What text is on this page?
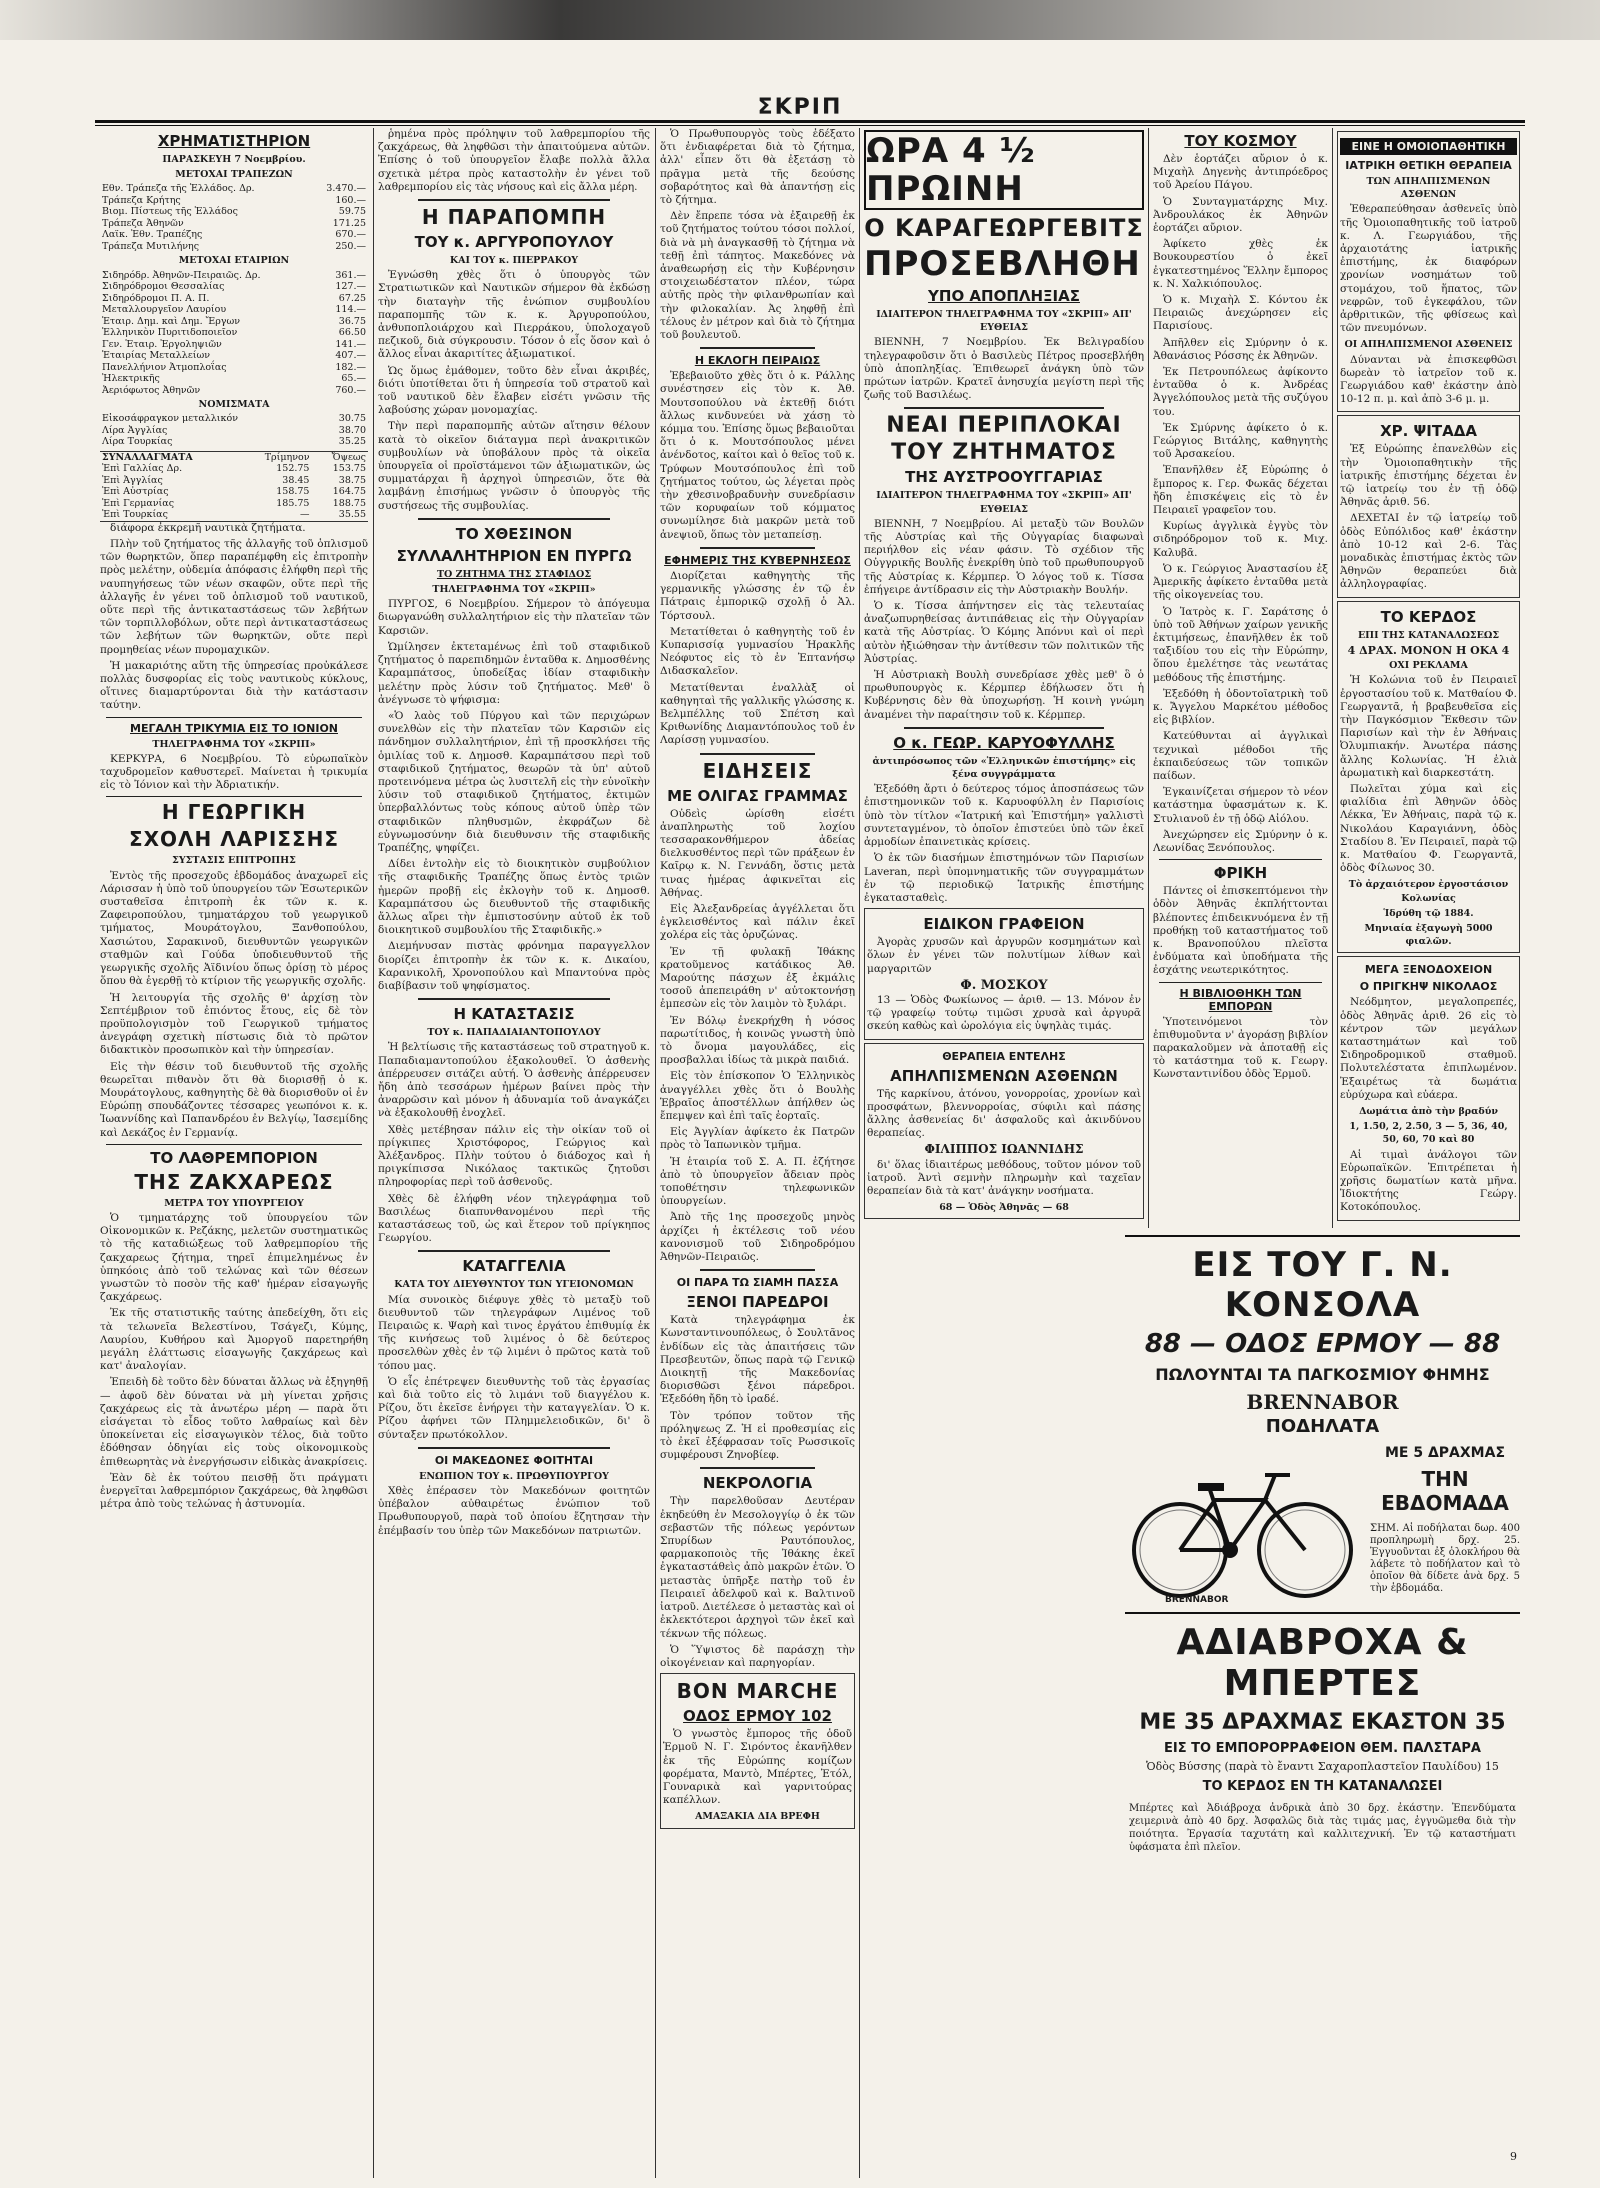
ΣΚΡΙΠ
ΧΡΗΜΑΤΙΣΤΗΡΙΟΝ
ΠΑΡΑΣΚΕΥΗ 7 Νοεμβρίου.
ΜΕΤΟΧΑΙ ΤΡΑΠΕΖΩΝ
Εθν. Τράπεζα τῆς Ἑλλάδος. Δρ.	3.470.—
Τράπεζα Κρήτης	160.—
Βιομ. Πίστεως τῆς Ἑλλάδος	59.75
Τράπεζα Ἀθηνῶν	171.25
Λαϊκ. Ἐθν. Τραπέζης	670.—
Τράπεζα Μυτιλήνης	250.—
ΜΕΤΟΧΑΙ ΕΤΑΙΡΙΩΝ
Σιδηρόδρ. Ἀθηνῶν-Πειραιῶς. Δρ.	361.—
Σιδηρόδρομοι Θεσσαλίας	127.—
Σιδηρόδρομοι Π. Α. Π.	67.25
Μεταλλουργεῖον Λαυρίου	114.—
Ἑταιρ. Δημ. καὶ Δημ. Ἔργων	36.75
Ἑλληνικὸν Πυριτιδοποιεῖον	66.50
Γεν. Ἑταιρ. Ἐργοληψιῶν	141.—
Ἑταιρίας Μεταλλείων	407.—
Πανελλήνιον Ἀτμοπλοΐας	182.—
Ἠλεκτρικῆς	65.—
Ἀεριόφωτος Ἀθηνῶν	760.—
ΝΟΜΙΣΜΑΤΑ
Εἰκοσάφραγκον μεταλλικόν	30.75
Λίρα Ἀγγλίας	38.70
Λίρα Τουρκίας	35.25
ΣΥΝΑΛΛΑΓΜΑΤΑ	Τρίμηνον	Ὄψεως
Ἐπὶ Γαλλίας Δρ.	152.75	153.75
Ἐπὶ Ἀγγλίας	38.45	38.75
Ἐπὶ Αὐστρίας	158.75	164.75
Ἐπὶ Γερμανίας	185.75	188.75
Ἐπὶ Τουρκίας	—	35.55

διάφορα ἐκκρεμῆ ναυτικὰ ζητήματα.

Πλὴν τοῦ ζητήματος τῆς ἀλλαγῆς τοῦ ὁπλισμοῦ τῶν θωρηκτῶν, ὅπερ παραπέμφθη εἰς ἐπιτροπὴν πρὸς μελέτην, οὐδεμία ἀπόφασις ἐλήφθη περὶ τῆς ναυπηγήσεως τῶν νέων σκαφῶν, οὔτε περὶ τῆς ἀλλαγῆς ἐν γένει τοῦ ὁπλισμοῦ τοῦ ναυτικοῦ, οὔτε περὶ τῆς ἀντικαταστάσεως τῶν λεβήτων τῶν τορπιλλοβόλων, οὔτε περὶ ἀντικαταστάσεως τῶν λεβήτων τῶν θωρηκτῶν, οὔτε περὶ προμηθείας νέων πυρομαχικῶν.

Ἡ μακαριότης αὕτη τῆς ὑπηρεσίας προὐκάλεσε πολλὰς δυσφορίας εἰς τοὺς ναυτικοὺς κύκλους, οἵτινες διαμαρτύρονται διὰ τὴν κατάστασιν ταύτην.

ΜΕΓΑΛΗ ΤΡΙΚΥΜΙΑ ΕΙΣ ΤΟ ΙΟΝΙΟΝ
ΤΗΛΕΓΡΑΦΗΜΑ ΤΟΥ «ΣΚΡΙΠ»

ΚΕΡΚΥΡΑ, 6 Νοεμβρίου. Τὸ εὐρωπαϊκὸν ταχυδρομεῖον καθυστερεῖ. Μαίνεται ἡ τρικυμία εἰς τὸ Ἰόνιον καὶ τὴν Ἀδριατικήν.

Η ΓΕΩΡΓΙΚΗ
ΣΧΟΛΗ ΛΑΡΙΣΣΗΣ
ΣΥΣΤΑΣΙΣ ΕΠΙΤΡΟΠΗΣ

Ἐντὸς τῆς προσεχοῦς ἑβδομάδος ἀναχωρεῖ εἰς Λάρισσαν ἡ ὑπὸ τοῦ ὑπουργείου τῶν Ἐσωτερικῶν συσταθεῖσα ἐπιτροπὴ ἐκ τῶν κ. κ. Ζαφειροπούλου, τμηματάρχου τοῦ γεωργικοῦ τμήματος, Μουράτογλου, Ξανθοπούλου, Χασιώτου, Σαρακινοῦ, διευθυντῶν γεωργικῶν σταθμῶν καὶ Γούδα ὑποδιευθυντοῦ τῆς γεωργικῆς σχολῆς Ἀϊδινίου ὅπως ὁρίσῃ τὸ μέρος ὅπου θὰ ἐγερθῇ τὸ κτίριον τῆς γεωργικῆς σχολῆς.

Ἡ λειτουργία τῆς σχολῆς θ' ἀρχίσῃ τὸν Σεπτέμβριον τοῦ ἐπιόντος ἔτους, εἰς δὲ τὸν προϋπολογισμὸν τοῦ Γεωργικοῦ τμήματος ἀνεγράφη σχετικὴ πίστωσις διὰ τὸ πρῶτον διδακτικὸν προσωπικὸν καὶ τὴν ὑπηρεσίαν.

Εἰς τὴν θέσιν τοῦ διευθυντοῦ τῆς σχολῆς θεωρεῖται πιθανὸν ὅτι θὰ διορισθῇ ὁ κ. Μουράτογλους, καθηγητὴς δὲ θὰ διορισθοῦν οἱ ἐν Εὐρώπῃ σπουδάζοντες τέσσαρες γεωπόνοι κ. κ. Ἰωαννίδης καὶ Παπανδρέου ἐν Βελγίῳ, Ἰασεμίδης καὶ Δεκάζος ἐν Γερμανίᾳ.

ΤΟ ΛΑΘΡΕΜΠΟΡΙΟΝ
ΤΗΣ ΖΑΚΧΑΡΕΩΣ
ΜΕΤΡΑ ΤΟΥ ΥΠΟΥΡΓΕΙΟΥ

Ὁ τμηματάρχης τοῦ ὑπουργείου τῶν Οἰκονομικῶν κ. Ρεζάκης, μελετῶν συστηματικῶς τὸ τῆς καταδιώξεως τοῦ λαθρεμπορίου τῆς ζακχαρεως ζήτημα, τηρεῖ ἐπιμελημένως ἐν ὑπηκόοις ἀπὸ τοῦ τελώνας καὶ τῶν θέσεων γνωστῶν τὸ ποσὸν τῆς καθ' ἡμέραν εἰσαγωγῆς ζακχάρεως.

Ἐκ τῆς στατιστικῆς ταύτης ἀπεδείχθη, ὅτι εἰς τὰ τελωνεῖα Βελεστίνου, Τσάγεζι, Κύμης, Λαυρίου, Κυθήρου καὶ Ἀμοργοῦ παρετηρήθη μεγάλη ἐλάττωσις εἰσαγωγῆς ζακχάρεως καὶ κατ' ἀναλογίαν.

Ἐπειδὴ δὲ τοῦτο δὲν δύναται ἄλλως νὰ ἐξηγηθῇ — ἀφοῦ δὲν δύναται νὰ μὴ γίνεται χρῆσις ζακχάρεως εἰς τὰ ἀνωτέρω μέρη — παρὰ ὅτι εἰσάγεται τὸ εἶδος τοῦτο λαθραίως καὶ δὲν ὑποκείνεται εἰς εἰσαγωγικὸν τέλος, διὰ τοῦτο ἐδόθησαν ὁδηγίαι εἰς τοὺς οἰκονομικοὺς ἐπιθεωρητὰς νὰ ἐνεργήσωσιν εἰδικὰς ἀνακρίσεις.

Ἐὰν δὲ ἐκ τούτου πεισθῇ ὅτι πράγματι ἐνεργεῖται λαθρεμπόριον ζακχάρεως, θὰ ληφθῶσι μέτρα ἀπὸ τοὺς τελώνας ἡ ἀστυνομία.

ῥημένα πρὸς πρόληψιν τοῦ λαθρεμπορίου τῆς ζακχάρεως, θὰ ληφθῶσι τὴν ἀπαιτούμενα αὐτῶν. Ἐπίσης ὁ τοῦ ὑπουργεῖον ἔλαβε πολλὰ ἄλλα σχετικὰ μέτρα πρὸς καταστολὴν ἐν γένει τοῦ λαθρεμπορίου εἰς τὰς νήσους καὶ εἰς ἄλλα μέρη.

Η ΠΑΡΑΠΟΜΠΗ
ΤΟΥ κ. ΑΡΓΥΡΟΠΟΥΛΟΥ
ΚΑΙ ΤΟΥ κ. ΠΙΕΡΡΑΚΟΥ

Ἐγνώσθη χθὲς ὅτι ὁ ὑπουργὸς τῶν Στρατιωτικῶν καὶ Ναυτικῶν σήμερον θὰ ἐκδώσῃ τὴν διαταγὴν τῆς ἐνώπιον συμβουλίου παραπομπῆς τῶν κ. κ. Ἀργυροπούλου, ἀνθυποπλοιάρχου καὶ Πιερράκου, ὑπολοχαγοῦ πεζικοῦ, διὰ σύγκρουσιν. Τόσον ὁ εἷς ὅσον καὶ ὁ ἄλλος εἶναι ἀκαριτίτες ἀξιωματικοί.

Ὡς ὅμως ἐμάθομεν, τοῦτο δὲν εἶναι ἀκριβές, διότι ὑποτίθεται ὅτι ἡ ὑπηρεσία τοῦ στρατοῦ καὶ τοῦ ναυτικοῦ δὲν ἔλαβεν εἰσέτι γνῶσιν τῆς λαβούσης χώραν μονομαχίας.

Τὴν περὶ παραπομπῆς αὐτῶν αἴτησιν θέλουν κατὰ τὸ οἰκεῖον διάταγμα περὶ ἀνακριτικῶν συμβουλίων νὰ ὑποβάλουν πρὸς τὰ οἰκεῖα ὑπουργεῖα οἱ προϊστάμενοι τῶν ἀξιωματικῶν, ὡς συμματάρχαι ἢ ἀρχηγοὶ ὑπηρεσιῶν, ὅτε θὰ λαμβάνῃ ἐπισήμως γνῶσιν ὁ ὑπουργὸς τῆς συστήσεως τῆς συμβουλίας.

ΤΟ ΧΘΕΣΙΝΟΝ
ΣΥΛΛΑΛΗΤΗΡΙΟΝ ΕΝ ΠΥΡΓΩ
ΤΟ ΖΗΤΗΜΑ ΤΗΣ ΣΤΑΦΙΔΟΣ
ΤΗΛΕΓΡΑΦΗΜΑ ΤΟΥ «ΣΚΡΙΠ»

ΠΥΡΓΟΣ, 6 Νοεμβρίου. Σήμερον τὸ ἀπόγευμα διωργανώθη συλλαλητήριον εἰς τὴν πλατεῖαν τῶν Καρσιῶν.

Ὡμίλησεν ἐκτεταμένως ἐπὶ τοῦ σταφιδικοῦ ζητήματος ὁ παρεπιδημῶν ἐνταῦθα κ. Δημοσθένης Καραμπάτσος, ὑποδείξας ἰδίαν σταφιδικὴν μελέτην πρὸς λύσιν τοῦ ζητήματος. Μεθ' ὃ ἀνέγνωσε τὸ ψήφισμα:

«Ὁ λαὸς τοῦ Πύργου καὶ τῶν περιχώρων συνελθὼν εἰς τὴν πλατεῖαν τῶν Καρσιῶν εἰς πάνδημον συλλαλητήριον, ἐπὶ τῇ προσκλήσει τῆς ὁμιλίας τοῦ κ. Δημοσθ. Καραμπάτσου περὶ τοῦ σταφιδικοῦ ζητήματος, θεωρῶν τὰ ὑπ' αὐτοῦ προτεινόμενα μέτρα ὡς λυσιτελῆ εἰς τὴν εὐνοϊκὴν λύσιν τοῦ σταφιδικοῦ ζητήματος, ἐκτιμῶν ὑπερβαλλόντως τοὺς κόπους αὐτοῦ ὑπὲρ τῶν σταφιδικῶν πληθυσμῶν, ἐκφράζων δὲ εὐγνωμοσύνην διὰ διευθυνσιν τῆς σταφιδικῆς Τραπέζης, ψηφίζει.

Δίδει ἐντολὴν εἰς τὸ διοικητικὸν συμβούλιον τῆς σταφιδικῆς Τραπέζης ὅπως ἐντὸς τριῶν ἡμερῶν προβῇ εἰς ἐκλογὴν τοῦ κ. Δημοσθ. Καραμπάτσου ὡς διευθυντοῦ τῆς σταφιδικῆς ἄλλως αἴρει τὴν ἐμπιστοσύνην αὐτοῦ ἐκ τοῦ διοικητικοῦ συμβουλίου τῆς Σταφιδικῆς.»

Διεμήνυσαν πιστὰς φρόνημα παραγγελλον διορίζει ἐπιτροπὴν ἐκ τῶν κ. κ. Δικαίου, Καρανικολῆ, Χρονοπούλου καὶ Μπαντούνα πρὸς διαβίβασιν τοῦ ψηφίσματος.

Η ΚΑΤΑΣΤΑΣΙΣ
ΤΟΥ κ. ΠΑΠΑΔΙΑΙΑΝΤΟΠΟΥΛΟΥ

Ἡ βελτίωσις τῆς καταστάσεως τοῦ στρατηγοῦ κ. Παπαδιαμαντοπούλου ἐξακολουθεῖ. Ὁ ἀσθενὴς ἀπέρρευσεν σιτάζει αὐτή. Ὁ ἀσθενὴς ἀπέρρευσεν ἤδη ἀπὸ τεσσάρων ἡμέρων βαίνει πρὸς τὴν ἀναρρῶσιν καὶ μόνον ἡ ἀδυναμία τοῦ ἀναγκάζει νὰ ἐξακολουθῇ ἐνοχλεῖ.

Χθὲς μετέβησαν πάλιν εἰς τὴν οἰκίαν τοῦ οἱ πρίγκιπες Χριστόφορος, Γεώργιος καὶ Ἀλέξανδρος. Πλὴν τούτου ὁ διάδοχος καὶ ἡ πριγκίπισσα Νικόλαος τακτικῶς ζητοῦσι πληροφορίας περὶ τοῦ ἀσθενοῦς.

Χθὲς δὲ ἐλήφθη νέον τηλεγράφημα τοῦ Βασιλέως διαπυνθανομένου περὶ τῆς καταστάσεως τοῦ, ὡς καὶ ἕτερον τοῦ πρίγκηπος Γεωργίου.

ΚΑΤΑΓΓΕΛΙΑ
ΚΑΤΑ ΤΟΥ ΔΙΕΥΘΥΝΤΟΥ ΤΩΝ ΥΓΕΙΟΝΟΜΩΝ

Μία συνοικὸς διέφυγε χθὲς τὸ μεταξὺ τοῦ διευθυντοῦ τῶν τηλεγράφων Λιμένος τοῦ Πειραιῶς κ. Ψαρὴ καὶ τινος ἐργάτου ἐπιθυμίᾳ ἐκ τῆς κινήσεως τοῦ λιμένος ὁ δὲ δεύτερος προσελθὼν χθὲς ἐν τῷ λιμένι ὁ πρῶτος κατὰ τοῦ τόπου μας.

Ὁ εἷς ἐπέτρεψεν διευθυντὴς τοῦ τὰς ἐργασίας καὶ διὰ τοῦτο εἰς τὸ λιμάνι τοῦ διαγγέλου κ. Ρίζου, ὅτι ἐκεῖσε ἐνήργει τὴν καταγγελίαν. Ὁ κ. Ρίζου ἀφήνει τῶν Πλημμελειοδικῶν, δι' ὃ σύνταξεν πρωτόκολλον.

ΟΙ ΜΑΚΕΔΟΝΕΣ ΦΟΙΤΗΤΑΙ
ΕΝΩΠΙΟΝ ΤΟΥ κ. ΠΡΩΘΥΠΟΥΡΓΟΥ

Χθὲς ἐπέρασεν τὸν Μακεδόνων φοιτητῶν ὑπέβαλον αὐθαιρέτως ἐνώπιον τοῦ Πρωθυπουργοῦ, παρὰ τοῦ ὁποίου ἔζητησαν τὴν ἐπέμβασίν του ὑπὲρ τῶν Μακεδόνων πατριωτῶν.

Ὁ Πρωθυπουργὸς τοὺς ἐδέξατο ὅτι ἐνδιαφέρεται διὰ τὸ ζήτημα, ἀλλ' εἶπεν ὅτι θὰ ἐξετάσῃ τὸ πρᾶγμα μετὰ τῆς δεούσης σοβαρότητος καὶ θὰ ἀπαντήσῃ εἰς τὸ ζήτημα.

Δὲν ἔπρεπε τόσα νὰ ἐξαιρεθῇ ἐκ τοῦ ζητήματος τούτου τόσοι πολλοί, διὰ νὰ μὴ ἀναγκασθῇ τὸ ζήτημα νὰ τεθῇ ἐπὶ τάπητος. Μακεδόνες νὰ ἀναθεωρήσῃ εἰς τὴν Κυβέρνησιν στοιχειωδέστατον πλέον, τώρα αὐτῆς πρὸς τὴν φιλανθρωπίαν καὶ τὴν φιλοκαλίαν. Ἀς ληφθῇ ἐπὶ τέλους ἐν μέτρον καὶ διὰ τὸ ζήτημα τοῦ βουλευτοῦ.

Η ΕΚΛΟΓΗ ΠΕΙΡΑΙΩΣ

Ἐβεβαιοῦτο χθὲς ὅτι ὁ κ. Ράλλης συνέστησεν εἰς τὸν κ. Ἀθ. Μουτσοπούλου νὰ ἐκτεθῇ διότι ἄλλως κινδυνεύει νὰ χάσῃ τὸ κόμμα του. Ἐπίσης ὅμως βεβαιοῦται ὅτι ὁ κ. Μουτσόπουλος μένει ἀνένδοτος, καίτοι καὶ ὁ θεῖος τοῦ κ. Τρύφων Μουτσόπουλος ἐπὶ τοῦ ζητήματος τούτου, ὡς λέγεται πρὸς τὴν χθεσινοβραδυνὴν συνεδρίασιν τῶν κορυφαίων τοῦ κόμματος συνωμίλησε διὰ μακρῶν μετὰ τοῦ ἀνεψιοῦ, ὅπως τὸν μεταπείσῃ.

ΕΦΗΜΕΡΙΣ ΤΗΣ ΚΥΒΕΡΝΗΣΕΩΣ

Διορίζεται καθηγητὴς τῆς γερμανικῆς γλώσσης ἐν τῷ ἐν Πάτραις ἐμπορικῷ σχολῇ ὁ Ἀλ. Τόρτσουλ.

Μετατίθεται ὁ καθηγητὴς τοῦ ἐν Κυπαρισσίᾳ γυμνασίου Ἠρακλῆς Νεόφυτος εἰς τὸ ἐν Ἐπτανήσῳ Διδασκαλεῖον.

Μετατίθενται ἐναλλὰξ οἱ καθηγηταὶ τῆς γαλλικῆς γλώσσης κ. Βελμπέλλης τοῦ Σπέτση καὶ Κριθωνίδης Διαμαντόπουλος τοῦ ἐν Λαρίσσῃ γυμνασίου.

ΕΙΔΗΣΕΙΣ
ΜΕ ΟΛΙΓΑΣ ΓΡΑΜΜΑΣ

Οὐδεὶς ὡρίσθη εἰσέτι ἀναπληρωτὴς τοῦ λοχίου τεσσαρακονθήμερον ἀδείας διελκυσθέντος περὶ τῶν πράξεων ἐν Καῖρῳ κ. Ν. Γεννάδη, ὅστις μετὰ τινας ἡμέρας ἀφικνεῖται εἰς Ἀθήνας.

Εἰς Ἀλεξανδρείας ἀγγέλλεται ὅτι ἐγκλεισθέντος καὶ πάλιν ἐκεῖ χολέρα εἰς τὰς ὀρυζώνας.

Ἐν τῇ φυλακῇ Ἰθάκης κρατοῦμενος κατάδικος Ἀθ. Μαρούτης πάσχων ἐξ ἐκμάλις τοσοῦ ἀπεπειράθη ν' αὐτοκτονήσῃ ἐμπεσὼν εἰς τὸν λαιμὸν τὸ ξυλάρι.

Ἐν Βόλῳ ἐνεκρήχθη ἡ νόσος παρωτίτιδος, ἡ κοινῶς γνωστὴ ὑπὸ τὸ ὄνομα μαγουλάδες, εἰς προσβαλλαι ἰδίως τὰ μικρὰ παιδιά.

Εἰς τὸν ἐπίσκοπον Ὁ Ἐλληνικὸς ἀναγγέλλει χθὲς ὅτι ὁ Βουλὴς Ἑβραῖος ἀποστέλλων ἀπήλθεν ὡς ἔπεμψεν καὶ ἐπὶ ταῖς ἐορταῖς.

Εἰς Ἀγγλίαν ἀφίκετο ἐκ Πατρῶν πρὸς τὸ Ἰαπωνικὸν τμῆμα.

Ἡ ἑταιρία τοῦ Σ. Α. Π. ἐζήτησε ἀπὸ τὸ ὑπουργεῖον ἄδειαν πρὸς τοποθέτησιν τηλεφωνικῶν ὑπουργείων.

Ἀπὸ τῆς 1ης προσεχοῦς μηνὸς ἀρχίζει ἡ ἐκτέλεσις τοῦ νέου κανονισμοῦ τοῦ Σιδηροδρόμου Ἀθηνῶν-Πειραιῶς.

ΟΙ ΠΑΡΑ ΤΩ ΣΙΑΜΗ ΠΑΣΣΑ
ΞΕΝΟΙ ΠΑΡΕΔΡΟΙ

Κατὰ τηλεγράφημα ἐκ Κωνσταντινουπόλεως, ὁ Σουλτᾶνος ἐνδίδων εἰς τὰς ἀπαιτήσεις τῶν Πρεσβευτῶν, ὅπως παρὰ τῷ Γενικῷ Διοικητῇ τῆς Μακεδονίας διορισθῶσι ξένοι πάρεδροι. Ἐξεδόθη ἤδη τὸ ἰραδέ.

Τὸν τρόπον τοῦτον τῆς πρόληψεως Ζ. Ἡ εἰ προθεσμίας εἰς τὸ ἐκεῖ ἐξέφρασαν τοῖς Ρωσσικοῖς συμφέρουσι Ζηνοβίεφ.

ΝΕΚΡΟΛΟΓΙΑ

Τὴν παρελθοῦσαν Δευτέραν ἐκηδεύθη ἐν Μεσολογγίῳ ὁ ἐκ τῶν σεβαστῶν τῆς πόλεως γερόντων Σπυρίδων Ραυτόπουλος, φαρμακοποιὸς τῆς Ἰθάκης ἐκεῖ ἐγκαταστάθεὶς ἀπὸ μακρῶν ἐτῶν. Ὁ μεταστὰς ὑπῆρξε πατὴρ τοῦ ἐν Πειραιεῖ ἀδελφοῦ καὶ κ. Βαλτινοῦ ἰατροῦ. Διετέλεσε ὁ μεταστὰς καὶ οἱ ἐκλεκτότεροι ἀρχηγοὶ τῶν ἐκεῖ καὶ τέκνων τῆς πόλεως.

Ὁ Ὕψιστος δὲ παράσχῃ τὴν οἰκογένειαν καὶ παρηγορίαν.

BON MARCHE
ΟΔΟΣ ΕΡΜΟΥ 102

Ὁ γνωστὸς ἔμπορος τῆς ὁδοῦ Ἑρμοῦ Ν. Γ. Σιρόντος ἐκανῆλθεν ἐκ τῆς Εὐρώπης κομίζων φορέματα, Μαντὸ, Μπέρτες, Ἐτόλ, Γουναρικὰ καὶ γαρνιτούρας καπέλλων.

ΑΜΑΞΑΚΙΑ ΔΙΑ ΒΡΕΦΗ
ΩΡΑ 4 ½ ΠΡΩΙΝΗ
Ο ΚΑΡΑΓΕΩΡΓΕΒΙΤΣ
ΠΡΟΣΕΒΛΗΘΗ
ΥΠΟ ΑΠΟΠΛΗΞΙΑΣ
ΙΔΙΑΙΤΕΡΟΝ ΤΗΛΕΓΡΑΦΗΜΑ ΤΟΥ «ΣΚΡΙΠ» ΑΠ' ΕΥΘΕΙΑΣ

ΒΙΕΝΝΗ, 7 Νοεμβρίου. Ἐκ Βελιγραδίου τηλεγραφοῦσιν ὅτι ὁ Βασιλεὺς Πέτρος προσεβλήθη ὑπὸ ἀποπληξίας. Ἐπιθεωρεῖ ἀνάγκη ὑπὸ τῶν πρώτων ἰατρῶν. Κρατεῖ ἀνησυχία μεγίστη περὶ τῆς ζωῆς τοῦ Βασιλέως.

ΝΕΑΙ ΠΕΡΙΠΛΟΚΑΙ
ΤΟΥ ΖΗΤΗΜΑΤΟΣ
ΤΗΣ ΑΥΣΤΡΟΟΥΓΓΑΡΙΑΣ
ΙΔΙΑΙΤΕΡΟΝ ΤΗΛΕΓΡΑΦΗΜΑ ΤΟΥ «ΣΚΡΙΠ» ΑΠ' ΕΥΘΕΙΑΣ

ΒΙΕΝΝΗ, 7 Νοεμβρίου. Αἱ μεταξὺ τῶν Βουλῶν τῆς Αὐστρίας καὶ τῆς Οὐγγαρίας διαφωναὶ περιήλθον εἰς νέαν φάσιν. Τὸ σχέδιον τῆς Οὐγγρικῆς Βουλῆς ἐνεκρίθη ὑπὸ τοῦ πρωθυπουργοῦ τῆς Αὐστρίας κ. Κέρμπερ. Ὁ λόγος τοῦ κ. Τίσσα ἐπήγειρε ἀντίδρασιν εἰς τὴν Αὐστριακὴν Βουλήν.

Ὁ κ. Τίσσα ἀπήντησεν εἰς τὰς τελευταίας ἀναζωπυρηθείσας ἀντιπάθειας εἰς τὴν Οὐγγαρίαν κατὰ τῆς Αὐστρίας. Ὁ Κόμης Ἀπόνυι καὶ οἱ περὶ αὐτὸν ἠξιώθησαν τὴν ἀντίθεσιν τῶν πολιτικῶν τῆς Ἀὐστρίας.

Ἡ Αὐστριακὴ Βουλὴ συνεδρίασε χθὲς μεθ' ὃ ὁ πρωθυπουργὸς κ. Κέρμπερ ἐδήλωσεν ὅτι ἡ Κυβέρνησις δὲν θὰ ὑποχωρήσῃ. Ἡ κοινὴ γνώμη ἀναμένει τὴν παραίτησιν τοῦ κ. Κέρμπερ.

Ο κ. ΓΕΩΡ. ΚΑΡΥΟΦΥΛΛΗΣ
ἀντιπρόσωπος τῶν «Ἑλληνικῶν ἐπιστήμης» εἰς ξένα συγγράμματα

Ἐξεδόθη ἄρτι ὁ δεύτερος τόμος ἀποσπάσεως τῶν ἐπιστημονικῶν τοῦ κ. Καρυοφύλλη ἐν Παρισίοις ὑπὸ τὸν τίτλον «Ἰατρική καὶ Ἐπιστήμη» γαλλιστὶ συντεταγμένον, τὸ ὁποῖον ἐπιστεύει ὑπὸ τῶν ἐκεῖ ἀρμοδίων ἐπαινετικὰς κρίσεις.

Ὁ ἐκ τῶν διασήμων ἐπιστημόνων τῶν Παρισίων Laveran, περὶ ὑπομνηματικῆς τῶν συγγραμμάτων ἐν τῷ περιοδικῷ Ἰατρικῆς ἐπιστήμης ἐγκατασταθεὶς.

ΕΙΔΙΚΟΝ ΓΡΑΦΕΙΟΝ

Ἀγορὰς χρυσῶν καὶ ἀργυρῶν κοσμημάτων καὶ ὅλων ἐν γένει τῶν πολυτίμων λίθων καὶ μαργαριτῶν

Φ. ΜΟΣΚΟΥ

13 — Ὁδὸς Φωκίωνος — ἀριθ. — 13. Μόνον ἐν τῷ γραφείῳ τούτῳ τιμῶσι χρυσὰ καὶ ἀργυρᾶ σκεύη καθὼς καὶ ὡρολόγια εἰς ὑψηλὰς τιμάς.

ΘΕΡΑΠΕΙΑ ΕΝΤΕΛΗΣ
ΑΠΗΛΠΙΣΜΕΝΩΝ ΑΣΘΕΝΩΝ

Τῆς καρκίνου, ἀτόνου, γονορροίας, χρονίων καὶ προσφάτων, βλεννορροίας, σύφιλι καὶ πάσης ἄλλης ἀσθενείας δι' ἀσφαλοῦς καὶ ἀκινδύνου θεραπείας.

ΦΙΛΙΠΠΟΣ ΙΩΑΝΝΙΔΗΣ

δι' ὅλας ἰδιαιτέρως μεθόδους, τοῦτον μόνον τοῦ ἰατροῦ. Ἀντὶ σεμνὴν πληρωμὴν καὶ ταχεῖαν θεραπείαν διὰ τὰ κατ' ἀνάγκην νοσήματα.

68 — Ὁδὸς Ἀθηνᾶς — 68
ΤΟΥ ΚΟΣΜΟΥ

Δὲν ἑορτάζει αὔριον ὁ κ. Μιχαὴλ Δηγενὴς ἀντιπρόεδρος τοῦ Ἀρείου Πάγου.

Ὁ Συνταγματάρχης Μιχ. Ἀνδρουλάκος ἐκ Ἀθηνῶν ἑορτάζει αὔριον.

Ἀφίκετο χθὲς ἐκ Βουκουρεστίου ὁ ἐκεῖ ἐγκατεστημένος Ἕλλην ἔμπορος κ. Ν. Χαλκιόπουλος.

Ὁ κ. Μιχαὴλ Σ. Κόντου ἐκ Πειραιῶς ἀνεχώρησεν εἰς Παρισίους.

Ἀπῆλθεν εἰς Σμύρνην ὁ κ. Ἀθανάσιος Ρόσσης ἐκ Ἀθηνῶν.

Ἐκ Πετρουπόλεως ἀφίκοντο ἐνταῦθα ὁ κ. Ἀνδρέας Ἀγγελόπουλος μετὰ τῆς συζύγου του.

Ἐκ Σμύρνης ἀφίκετο ὁ κ. Γεώργιος Βιτάλης, καθηγητὴς τοῦ Ἀρσακείου.

Ἐπανῆλθεν ἐξ Εὐρώπης ὁ ἔμπορος κ. Γερ. Φωκᾶς δέχεται ἤδη ἐπισκέψεις εἰς τὸ ἐν Πειραιεῖ γραφεῖον του.

Κυρίως ἀγγλικὰ ἐγγὺς τὸν σιδηρόδρομον τοῦ κ. Μιχ. Καλυβᾶ.

Ὁ κ. Γεώργιος Ἀναστασίου ἐξ Ἀμερικῆς ἀφίκετο ἐνταῦθα μετὰ τῆς οἰκογενείας του.

Ὁ Ἰατρὸς κ. Γ. Σαράτσης ὁ ὑπὸ τοῦ Ἀθήνων χαίρων γενικῆς ἐκτιμήσεως, ἐπανῆλθεν ἐκ τοῦ ταξιδίου του εἰς τὴν Εὐρώπην, ὅπου ἐμελέτησε τὰς νεωτάτας μεθόδους τῆς ἐπιστήμης.

Ἐξεδόθη ἡ ὀδοντοῖατρικὴ τοῦ κ. Ἄγγελου Μαρκέτου μέθοδος εἰς βιβλίον.

Κατεύθυνται αἱ ἀγγλικαὶ τεχνικαὶ μέθοδοι τῆς ἐκπαιδεύσεως τῶν τοπικῶν παίδων.

Ἐγκαινίζεται σήμερον τὸ νέον κατάστημα ὑφασμάτων κ. Κ. Στυλιανοῦ ἐν τῇ ὁδῷ Αἰόλου.

Ἀνεχώρησεν εἰς Σμύρνην ὁ κ. Λεωνίδας Ξενόπουλος.

ΦΡΙΚΗ

Πάντες οἱ ἐπισκεπτόμενοι τὴν ὁδὸν Ἀθηνᾶς ἐκπλήττονται βλέποντες ἐπιδεικνυόμενα ἐν τῇ προθήκῃ τοῦ καταστήματος τοῦ κ. Βρανοπούλου πλεῖστα ἐνδύματα καὶ ὑποδήματα τῆς ἐσχάτης νεωτερικότητος.

Η ΒΙΒΛΙΟΘΗΚΗ ΤΩΝ ΕΜΠΟΡΩΝ

Ὑποτεινόμενοι τὸν ἐπιθυμοῦντα ν' ἀγοράσῃ βιβλίον παρακαλοῦμεν νὰ ἀποταθῇ εἰς τὸ κατάστημα τοῦ κ. Γεωργ. Κωνσταντινίδου ὁδὸς Ἑρμοῦ.

ΕΙΝΕ Η ΟΜΟΙΟΠΑΘΗΤΙΚΗ
ΙΑΤΡΙΚΗ ΘΕΤΙΚΗ ΘΕΡΑΠΕΙΑ
ΤΩΝ ΑΠΗΛΠΙΣΜΕΝΩΝ ΑΣΘΕΝΩΝ

Ἐθεραπεύθησαν ἀσθενεῖς ὑπὸ τῆς Ὁμοιοπαθητικῆς τοῦ ἰατροῦ κ. Λ. Γεωργιάδου, τῆς ἀρχαιοτάτης ἰατρικῆς ἐπιστήμης, ἐκ διαφόρων χρονίων νοσημάτων τοῦ στομάχου, τοῦ ἥπατος, τῶν νεφρῶν, τοῦ ἐγκεφάλου, τῶν ἀρθριτικῶν, τῆς φθίσεως καὶ τῶν πνευμόνων.

ΟΙ ΑΠΗΛΠΙΣΜΕΝΟΙ ΑΣΘΕΝΕΙΣ

Δύνανται νὰ ἐπισκεφθῶσι δωρεὰν τὸ ἰατρεῖον τοῦ κ. Γεωργιάδου καθ' ἑκάστην ἀπὸ 10-12 π. μ. καὶ ἀπὸ 3-6 μ. μ.

ΧΡ. ΨΙΤΑΔΑ

Ἐξ Εὐρώπης ἐπανελθὼν εἰς τὴν Ὁμοιοπαθητικὴν τῆς ἰατρικῆς ἐπιστήμης δέχεται ἐν τῷ ἰατρείῳ του ἐν τῇ ὁδῷ Ἀθηνᾶς ἀριθ. 56.

ΔΕΧΕΤΑΙ ἐν τῷ ἰατρείῳ τοῦ ὁδὸς Εὐπόλιδος καθ' ἑκάστην ἀπὸ 10-12 καὶ 2-6. Τὰς μοναδικὰς ἐπιστήμας ἐκτὸς τῶν Ἀθηνῶν θεραπεύει διὰ ἀλληλογραφίας.

ΤΟ ΚΕΡΔΟΣ
ΕΠΙ ΤΗΣ ΚΑΤΑΝΑΛΩΣΕΩΣ
4 ΔΡΑΧ. ΜΟΝΟΝ Η ΟΚΑ 4
ΟΧΙ ΡΕΚΛΑΜΑ

Ἡ Κολώνια τοῦ ἐν Πειραιεῖ ἐργοστασίου τοῦ κ. Ματθαίου Φ. Γεωργαντᾶ, ἡ βραβευθεῖσα εἰς τὴν Παγκόσμιον Ἔκθεσιν τῶν Παρισίων καὶ τὴν ἐν Ἀθήναις Ὀλυμπιακήν. Ἀνωτέρα πάσης ἄλλης Κολωνίας. Ἡ ἐλιὰ ἀρωματικὴ καὶ διαρκεστάτη.

Πωλεῖται χύμα καὶ εἰς φιαλίδια ἐπὶ Ἀθηνῶν ὁδὸς Λέκκα, Ἐν Ἀθήναις, παρὰ τῷ κ. Νικολάου Καραγιάννη, ὁδὸς Σταδίου 8. Ἐν Πειραιεῖ, παρὰ τῷ κ. Ματθαίου Φ. Γεωργαντᾶ, ὁδὸς Φίλωνος 30.

Τὸ ἀρχαιότερον ἐργοστάσιον Κολωνίας
Ἱδρύθη τῷ 1884.
Μηνιαία ἐξαγωγὴ 5000 φιαλῶν.
ΜΕΓΑ ΞΕΝΟΔΟΧΕΙΟΝ
Ο ΠΡΙΓΚΗΨ ΝΙΚΟΛΑΟΣ

Νεόδμητον, μεγαλοπρεπές, ὁδὸς Ἀθηνᾶς ἀριθ. 26 εἰς τὸ κέντρον τῶν μεγάλων καταστημάτων καὶ τοῦ Σιδηροδρομικοῦ σταθμοῦ. Πολυτελέστατα ἐπιπλωμένον. Ἐξαιρέτως τὰ δωμάτια εὐρύχωρα καὶ εὐάερα.

Δωμάτια ἀπὸ τὴν βραδύν
1, 1.50, 2, 2.50, 3 — 5, 36, 40, 50, 60, 70 καὶ 80

Αἱ τιμαὶ ἀνάλογοι τῶν Εὐρωπαϊκῶν. Ἐπιτρέπεται ἡ χρῆσις δωματίων κατὰ μῆνα. Ἱδιοκτήτης Γεώργ. Κοτοκόπουλος.

ΕΙΣ ΤΟΥ Γ. Ν. ΚΟΝΣΟΛΑ
88 — ΟΔΟΣ ΕΡΜΟΥ — 88
ΠΩΛΟΥΝΤΑΙ ΤΑ ΠΑΓΚΟΣΜΙΟΥ ΦΗΜΗΣ
BRENNABOR
ΠΟΔΗΛΑΤΑ
BRENNABOR
ΜΕ 5 ΔΡΑΧΜΑΣ
ΤΗΝ ΕΒΔΟΜΑΔΑ
ΣΗΜ. Αἱ ποδήλαται δωρ. 400 προπληρωμὴ δρχ. 25. Ἐγγυοῦνται ἐξ ὁλοκλήρου θὰ λάβετε τὸ ποδήλατον καὶ τὸ ὁποῖον θὰ δίδετε ἀνὰ δρχ. 5 τὴν ἑβδομάδα.
ΑΔΙΑΒΡΟΧΑ & ΜΠΕΡΤΕΣ
ΜΕ 35 ΔΡΑΧΜΑΣ ΕΚΑΣΤΟΝ 35
ΕΙΣ ΤΟ ΕΜΠΟΡΟΡΡΑΦΕΙΟΝ ΘΕΜ. ΠΑΛΣΤΑΡΑ
Ὁδὸς Βύσσης (παρὰ τὸ ἔναντι Σαχαροπλαστεῖον Παυλίδου) 15
ΤΟ ΚΕΡΔΟΣ ΕΝ ΤΗ ΚΑΤΑΝΑΛΩΣΕΙ
Μπέρτες καὶ Ἀδιάβροχα ἀνδρικὰ ἀπὸ 30 δρχ. ἐκάστην. Ἐπενδύματα χειμερινὰ ἀπὸ 40 δρχ. Ἀσφαλῶς διὰ τὰς τιμάς μας, ἐγγυῶμεθα διὰ τὴν ποιότητα. Ἐργασία ταχυτάτη καὶ καλλιτεχνική. Ἐν τῷ καταστήματι ὑφάσματα ἐπὶ πλεῖον.
9
